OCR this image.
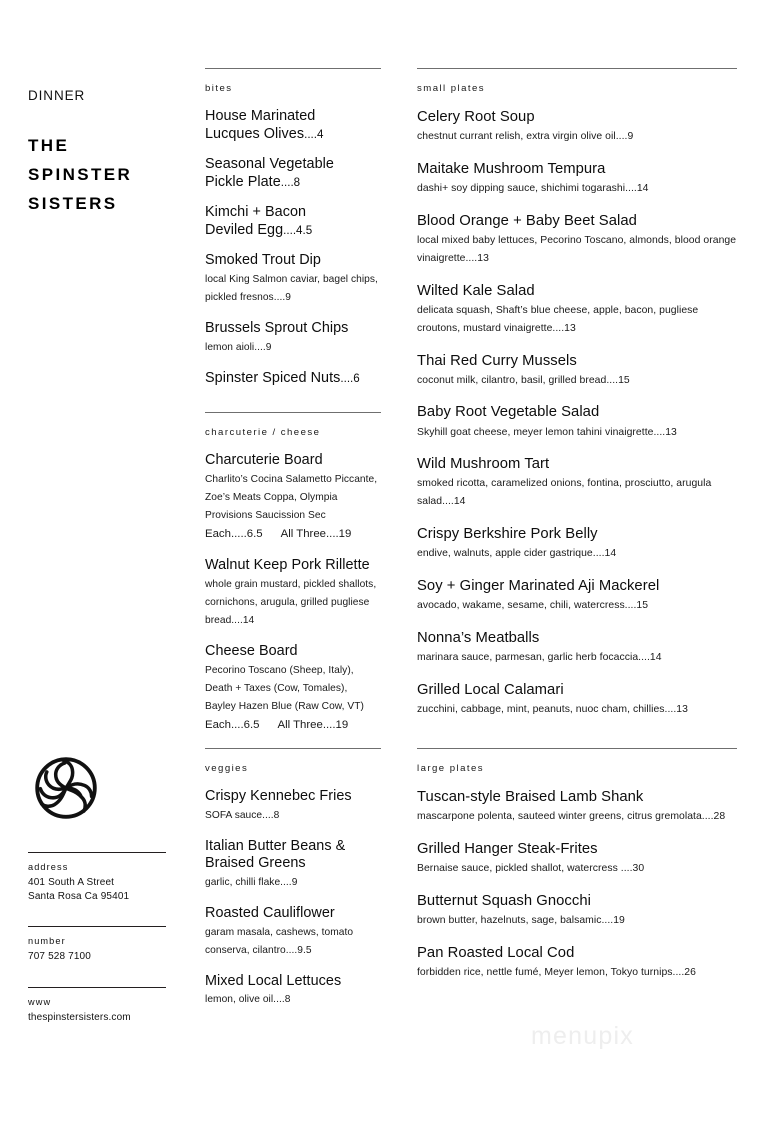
DINNER
THE
SPINSTER
SISTERS
address
401 South A Street
Santa Rosa Ca 95401
number
707 528 7100
www
thespinstersisters.com
bites
House Marinated
Lucques Olives....4
Seasonal Vegetable
Pickle Plate....8
Kimchi + Bacon
Deviled Egg....4.5
Smoked Trout Dip
local King Salmon caviar, bagel chips, pickled fresnos....9
Brussels Sprout Chips
lemon aioli....9
Spinster Spiced Nuts....6
charcuterie / cheese
Charcuterie Board
Charlito’s Cocina Salametto Piccante, Zoe’s Meats Coppa, Olympia Provisions Saucission Sec
Each.....6.5 All Three....19
Walnut Keep Pork Rillette
whole grain mustard, pickled shallots, cornichons, arugula, grilled pugliese bread....14
Cheese Board
Pecorino Toscano (Sheep, Italy), Death + Taxes (Cow, Tomales), Bayley Hazen Blue (Raw Cow, VT)
Each....6.5 All Three....19
veggies
Crispy Kennebec Fries
SOFA sauce....8
Italian Butter Beans &
Braised Greens
garlic, chilli flake....9
Roasted Cauliflower
garam masala, cashews, tomato conserva, cilantro....9.5
Mixed Local Lettuces
lemon, olive oil....8
small plates
Celery Root Soup
chestnut currant relish, extra virgin olive oil....9
Maitake Mushroom Tempura
dashi+ soy dipping sauce, shichimi togarashi....14
Blood Orange + Baby Beet Salad
local mixed baby lettuces, Pecorino Toscano, almonds, blood orange vinaigrette....13
Wilted Kale Salad
delicata squash, Shaft’s blue cheese, apple, bacon, pugliese croutons, mustard vinaigrette....13
Thai Red Curry Mussels
coconut milk, cilantro, basil, grilled bread....15
Baby Root Vegetable Salad
Skyhill goat cheese, meyer lemon tahini vinaigrette....13
Wild Mushroom Tart
smoked ricotta, caramelized onions, fontina, prosciutto, arugula salad....14
Crispy Berkshire Pork Belly
endive, walnuts, apple cider gastrique....14
Soy + Ginger Marinated Aji Mackerel
avocado, wakame, sesame, chili, watercress....15
Nonna’s Meatballs
marinara sauce, parmesan, garlic herb focaccia....14
Grilled Local Calamari
zucchini, cabbage, mint, peanuts, nuoc cham, chillies....13
large plates
Tuscan-style Braised Lamb Shank
mascarpone polenta, sauteed winter greens, citrus gremolata....28
Grilled Hanger Steak-Frites
Bernaise sauce, pickled shallot, watercress ....30
Butternut Squash Gnocchi
brown butter, hazelnuts, sage, balsamic....19
Pan Roasted Local Cod
forbidden rice, nettle fumé, Meyer lemon, Tokyo turnips....26
menupix
